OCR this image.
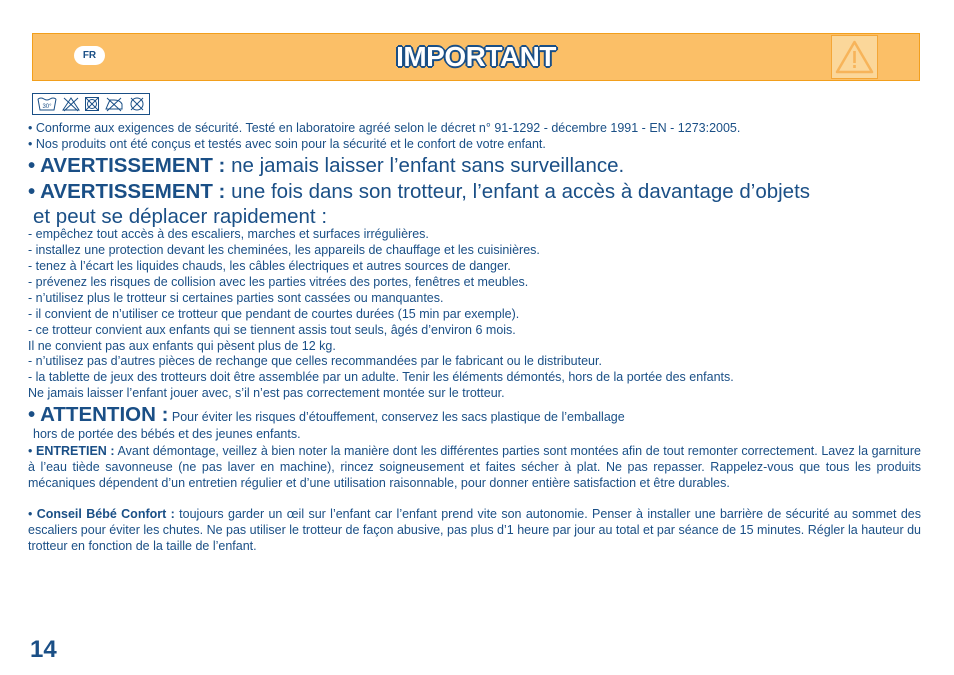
FR	IMPORTANT
30°
• Conforme aux exigences de sécurité. Testé en laboratoire agréé selon le décret n° 91-1292 - décembre 1991 - EN - 1273:2005.
• Nos produits ont été conçus et testés avec soin pour la sécurité et le confort de votre enfant.
• AVERTISSEMENT : ne jamais laisser l’enfant sans surveillance.
• AVERTISSEMENT : une fois dans son trotteur, l’enfant a accès à davantage d’objets
et peut se déplacer rapidement :
- empêchez tout accès à des escaliers, marches et surfaces irrégulières.
- installez une protection devant les cheminées, les appareils de chauffage et les cuisinières.
- tenez à l’écart les liquides chauds, les câbles électriques et autres sources de danger.
- prévenez les risques de collision avec les parties vitrées des portes, fenêtres et meubles.
- n’utilisez plus le trotteur si certaines parties sont cassées ou manquantes.
- il convient de n’utiliser ce trotteur que pendant de courtes durées (15 min par exemple).
- ce trotteur convient aux enfants qui se tiennent assis tout seuls, âgés d’environ 6 mois.
Il ne convient pas aux enfants qui pèsent plus de 12 kg.
- n’utilisez pas d’autres pièces de rechange que celles recommandées par le fabricant ou le distributeur.
- la tablette de jeux des trotteurs doit être assemblée par un adulte. Tenir les éléments démontés, hors de la portée des enfants.
Ne jamais laisser l’enfant jouer avec, s’il n’est pas correctement montée sur le trotteur.
• ATTENTION : Pour éviter les risques d’étouffement, conservez les sacs plastique de l’emballage
hors de portée des bébés et des jeunes enfants.
• ENTRETIEN : Avant démontage, veillez à bien noter la manière dont les différentes parties sont montées afin de tout remonter correctement. Lavez la garniture à l’eau tiède savonneuse (ne pas laver en machine), rincez soigneusement et faites sécher à plat. Ne pas repasser. Rappelez-vous que tous les produits mécaniques dépendent d’un entretien régulier et d’une utilisation raisonnable, pour donner entière satisfaction et être durables.
• Conseil Bébé Confort : toujours garder un œil sur l’enfant car l’enfant prend vite son autonomie. Penser à installer une barrière de sécurité au sommet des escaliers pour éviter les chutes. Ne pas utiliser le trotteur de façon abusive, pas plus d’1 heure par jour au total et par séance de 15 minutes. Régler la hauteur du trotteur en fonction de la taille de l’enfant.
14
